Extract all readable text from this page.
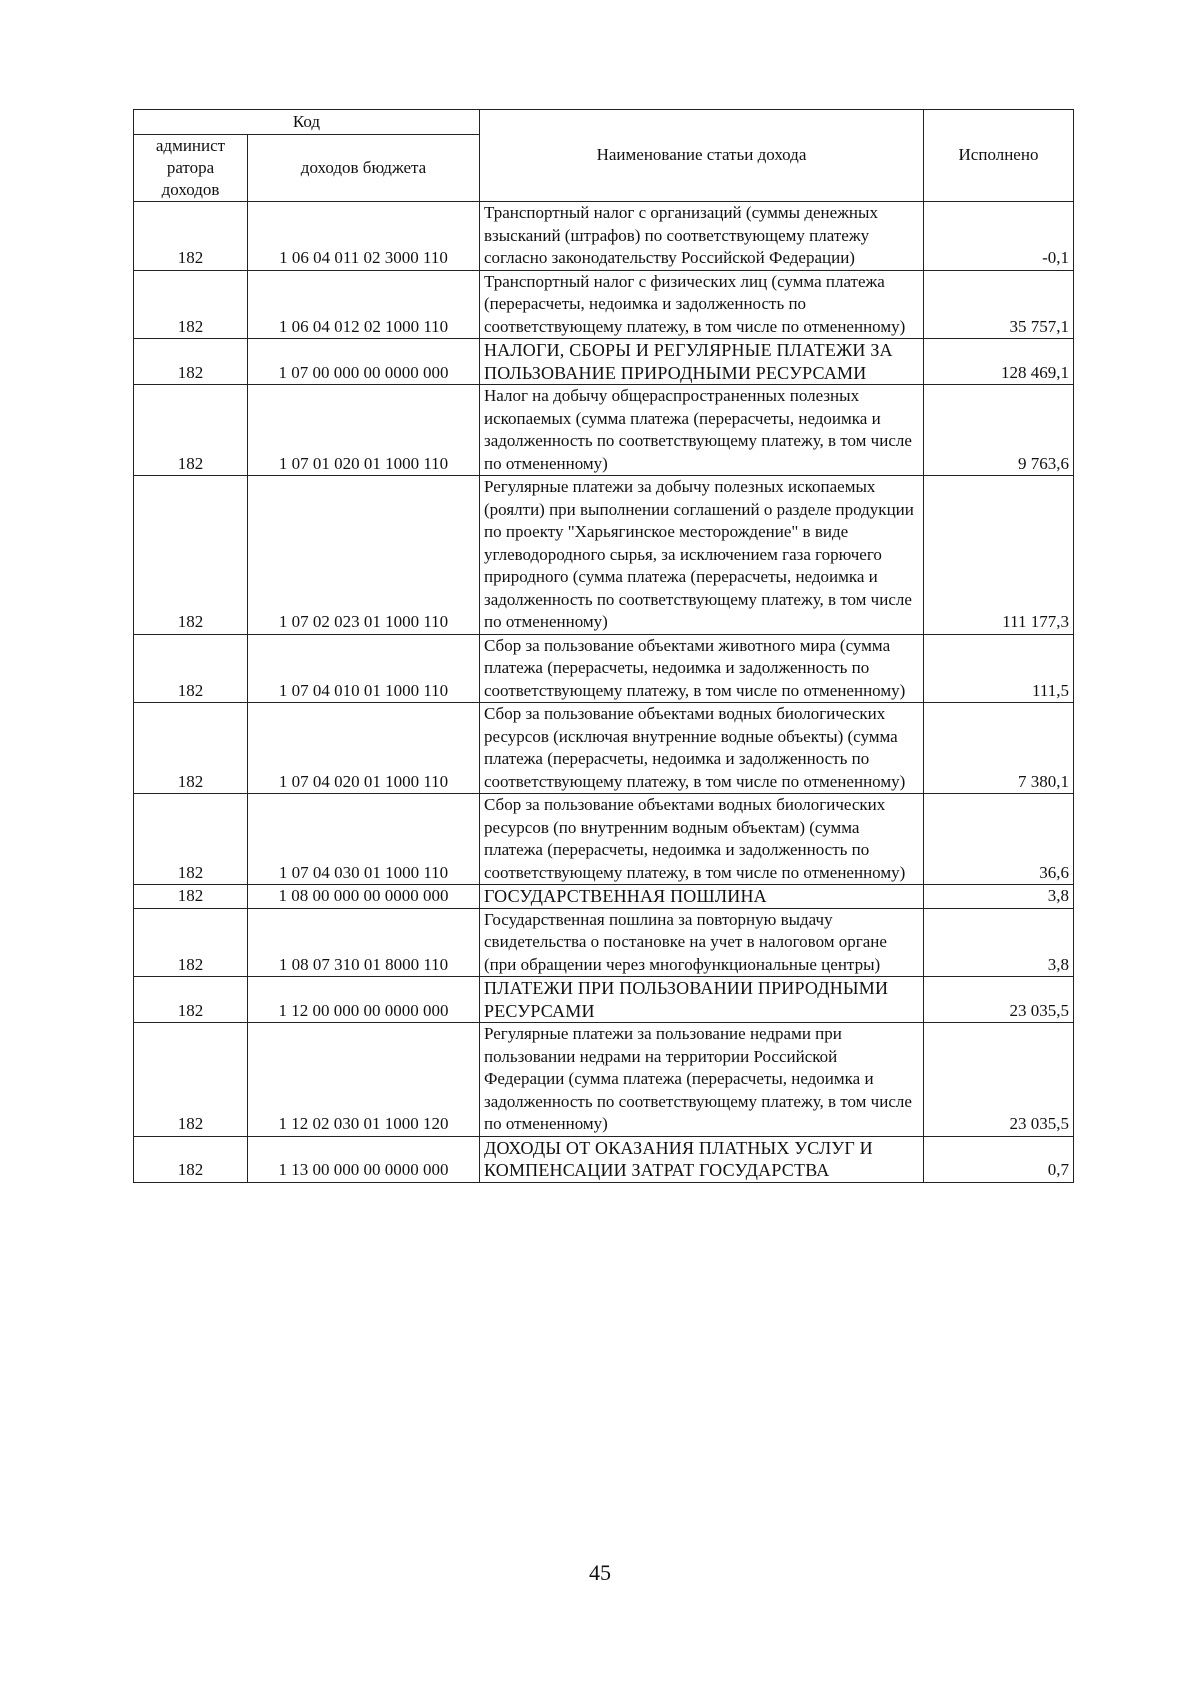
Код		Наименование статьи дохода	Исполнено
админист ратора доходов	доходов бюджета		
182	1 06 04 011 02 3000 110	Транспортный налог с организаций (суммы денежных взысканий (штрафов) по соответствующему платежу согласно законодательству Российской Федерации)	-0,1
182	1 06 04 012 02 1000 110	Транспортный налог с физических лиц (сумма платежа (перерасчеты, недоимка и задолженность по соответствующему платежу, в том числе по отмененному)	35 757,1
182	1 07 00 000 00 0000 000	НАЛОГИ, СБОРЫ И РЕГУЛЯРНЫЕ ПЛАТЕЖИ ЗА ПОЛЬЗОВАНИЕ ПРИРОДНЫМИ РЕСУРСАМИ	128 469,1
182	1 07 01 020 01 1000 110	Налог на добычу общераспространенных полезных ископаемых (сумма платежа (перерасчеты, недоимка и задолженность по соответствующему платежу, в том числе по отмененному)	9 763,6
182	1 07 02 023 01 1000 110	Регулярные платежи за добычу полезных ископаемых (роялти) при выполнении соглашений о разделе продукции по проекту "Харьягинское месторождение" в виде углеводородного сырья, за исключением газа горючего природного (сумма платежа (перерасчеты, недоимка и задолженность по соответствующему платежу, в том числе по отмененному)	111 177,3
182	1 07 04 010 01 1000 110	Сбор за пользование объектами животного мира (сумма платежа (перерасчеты, недоимка и задолженность по соответствующему платежу, в том числе по отмененному)	111,5
182	1 07 04 020 01 1000 110	Сбор за пользование объектами водных биологических ресурсов (исключая внутренние водные объекты) (сумма платежа (перерасчеты, недоимка и задолженность по соответствующему платежу, в том числе по отмененному)	7 380,1
182	1 07 04 030 01 1000 110	Сбор за пользование объектами водных биологических ресурсов (по внутренним водным объектам) (сумма платежа (перерасчеты, недоимка и задолженность по соответствующему платежу, в том числе по отмененному)	36,6
182	1 08 00 000 00 0000 000	ГОСУДАРСТВЕННАЯ ПОШЛИНА	3,8
182	1 08 07 310 01 8000 110	Государственная пошлина за повторную выдачу свидетельства о постановке на учет в налоговом органе (при обращении через многофункциональные центры)	3,8
182	1 12 00 000 00 0000 000	ПЛАТЕЖИ ПРИ ПОЛЬЗОВАНИИ ПРИРОДНЫМИ РЕСУРСАМИ	23 035,5
182	1 12 02 030 01 1000 120	Регулярные платежи за пользование недрами при пользовании недрами на территории Российской Федерации (сумма платежа (перерасчеты, недоимка и задолженность по соответствующему платежу, в том числе по отмененному)	23 035,5
182	1 13 00 000 00 0000 000	ДОХОДЫ ОТ ОКАЗАНИЯ ПЛАТНЫХ УСЛУГ И КОМПЕНСАЦИИ ЗАТРАТ ГОСУДАРСТВА	0,7
45
